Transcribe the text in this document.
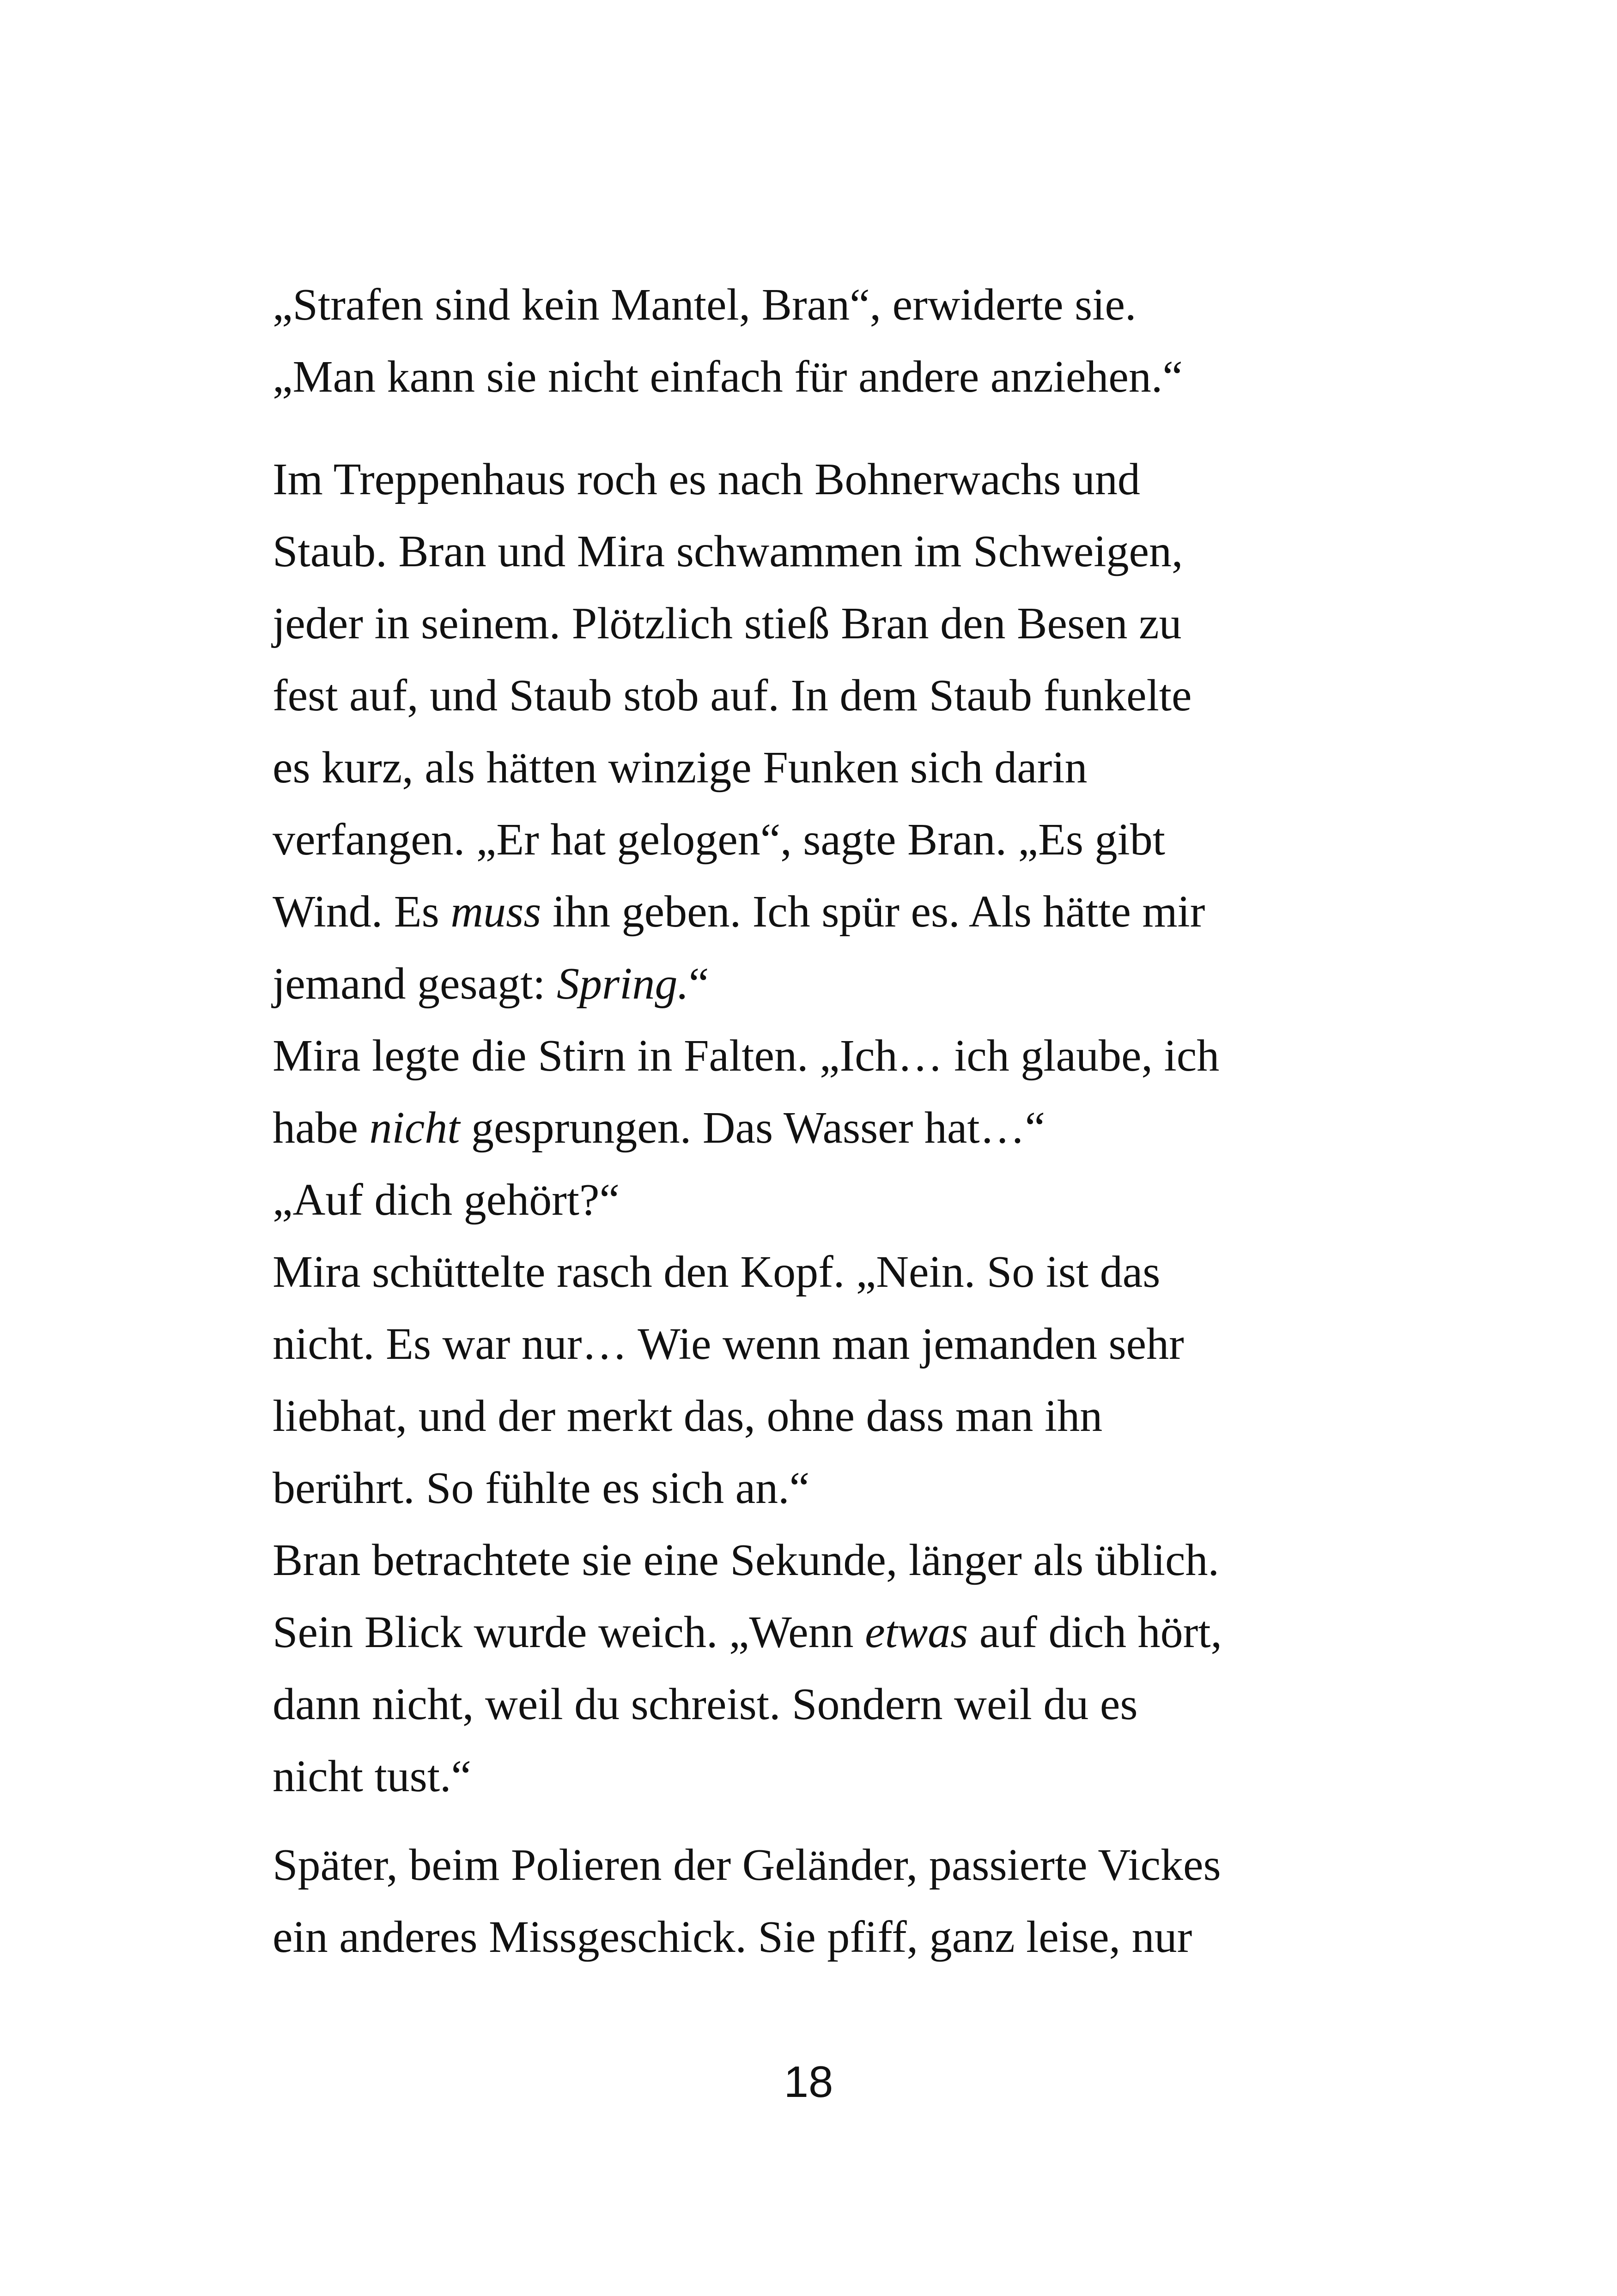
„Strafen sind kein Mantel, Bran“, erwiderte sie.
„Man kann sie nicht einfach für andere anziehen.“
Im Treppenhaus roch es nach Bohnerwachs und
Staub. Bran und Mira schwammen im Schweigen,
jeder in seinem. Plötzlich stieß Bran den Besen zu
fest auf, und Staub stob auf. In dem Staub funkelte
es kurz, als hätten winzige Funken sich darin
verfangen. „Er hat gelogen“, sagte Bran. „Es gibt
Wind. Es muss ihn geben. Ich spür es. Als hätte mir
jemand gesagt: Spring.“
Mira legte die Stirn in Falten. „Ich… ich glaube, ich
habe nicht gesprungen. Das Wasser hat…“
„Auf dich gehört?“
Mira schüttelte rasch den Kopf. „Nein. So ist das
nicht. Es war nur… Wie wenn man jemanden sehr
liebhat, und der merkt das, ohne dass man ihn
berührt. So fühlte es sich an.“
Bran betrachtete sie eine Sekunde, länger als üblich.
Sein Blick wurde weich. „Wenn etwas auf dich hört,
dann nicht, weil du schreist. Sondern weil du es
nicht tust.“
Später, beim Polieren der Geländer, passierte Vickes
ein anderes Missgeschick. Sie pfiff, ganz leise, nur
18
